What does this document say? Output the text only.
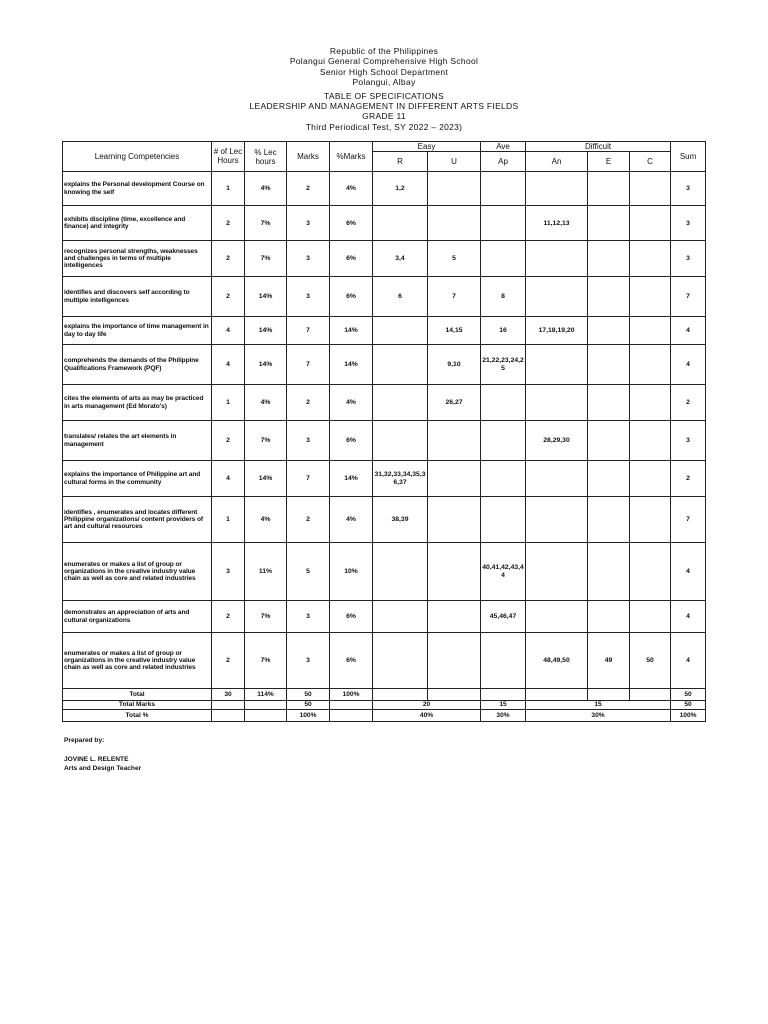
Republic of the Philippines
Polangui General Comprehensive High School
Senior High School Department
Polangui, Albay
TABLE OF SPECIFICATIONS
LEADERSHIP AND MANAGEMENT IN DIFFERENT ARTS FIELDS
GRADE 11
Third Periodical Test, SY 2022 – 2023)
Learning Competencies	# of Lec Hours	% Lec hours	Marks	%Marks	Easy		Ave	Difficult			Sum
					R	U	Ap	An	E	C	
explains the Personal development Course on knowing the self	1	4%	2	4%	1,2						3
exhibits discipline (time, excellence and finance) and integrity	2	7%	3	6%				11,12,13			3
recognizes personal strengths, weaknesses and challenges in terms of multiple intelligences	2	7%	3	6%	3,4	5					3
identifies and discovers self according to multiple intelligences	2	14%	3	6%	6	7	8				7
explains the importance of time management in day to day life	4	14%	7	14%		14,15	16	17,18,19,20			4
comprehends the demands of the Philippine Qualifications Framework (PQF)	4	14%	7	14%		9,10	21,22,23,24,25				4
cites the elements of arts as may be practiced in arts management (Ed Morato's)	1	4%	2	4%		26,27					2
translates/ relates the art elements in management	2	7%	3	6%				28,29,30			3
explains the importance of Philippine art and cultural forms in the community	4	14%	7	14%	31,32,33,34,35,36,37						2
identifies , enumerates and locates different Philippine organizations/ content providers of art and cultural resources	1	4%	2	4%	38,39						7
enumerates or makes a list of group or organizations in the creative industry value chain as well as core and related industries	3	11%	5	10%			40,41,42,43,44				4
demonstrates an appreciation of arts and cultural organizations	2	7%	3	6%			45,46,47				4
enumerates or makes a list of group or organizations in the creative industry value chain as well as core and related industries	2	7%	3	6%				48,49,50	49	50	4
Total	30	114%	50	100%							50
Total Marks			50		20		15	15			50
Total %			100%		40%		30%	30%			100%
Prepared by:
JOVINE L. RELENTE
Arts and Design Teacher
